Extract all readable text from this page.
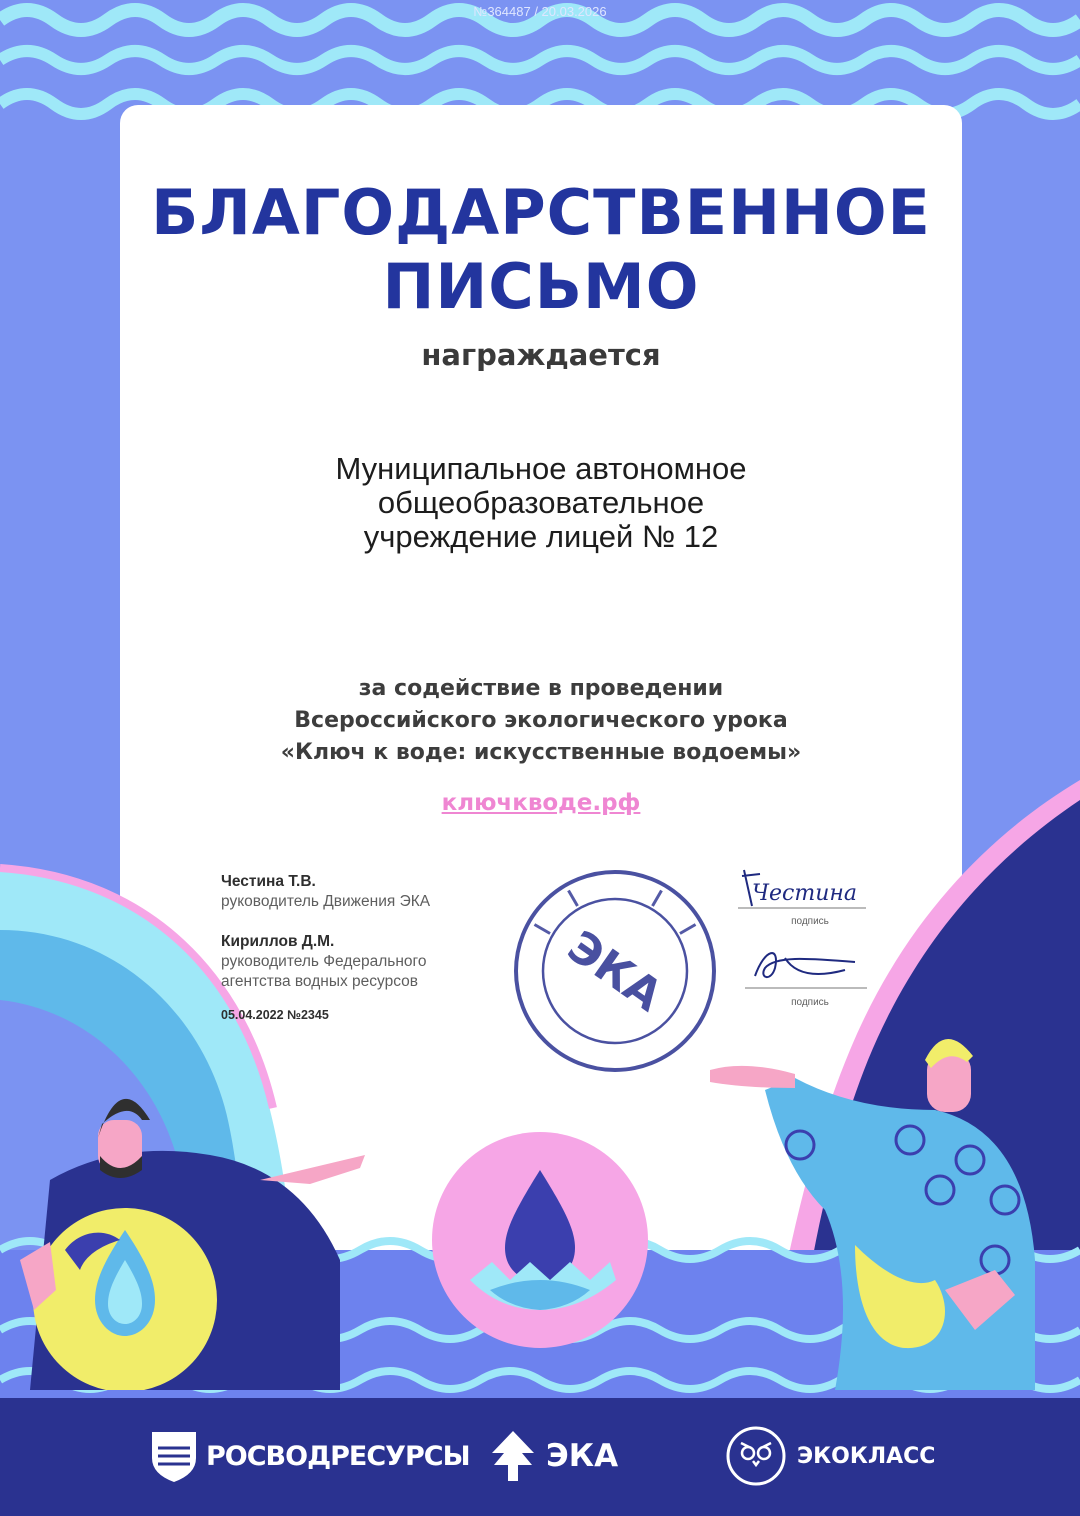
№364487 / 20.03.2026
БЛАГОДАРСТВЕННОЕ
ПИСЬМО
награждается
Муниципальное автономное
общеобразовательное
учреждение лицей № 12
за содействие в проведении
Всероссийского экологического урока
«Ключ к воде: искусственные водоемы»
ключкводе.рф
Честина Т.В.
руководитель Движения ЭКА
Кириллов Д.М.
руководитель Федерального
агентства водных ресурсов
05.04.2022 №2345	ЭКА
Честина
подпись
подпись
РОСВОДРЕСУРСЫ ЭКА	ЭКОКЛАСС
